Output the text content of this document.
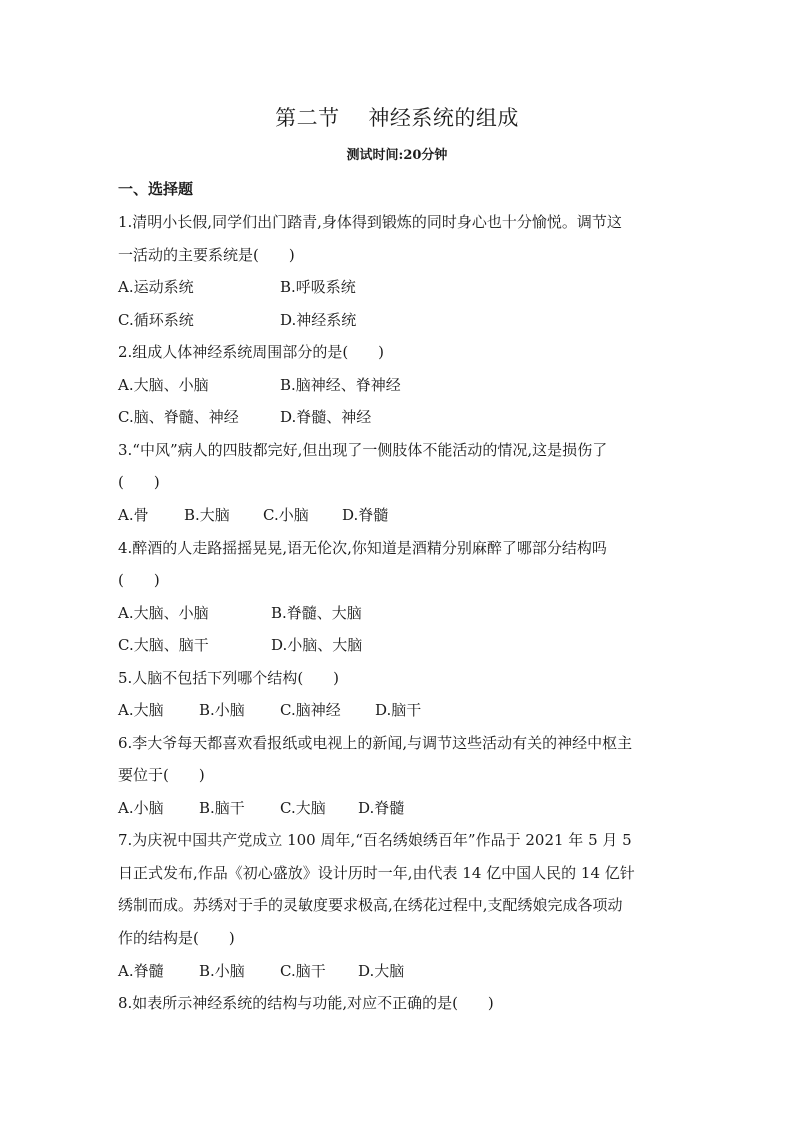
第二节    神经系统的组成
测试时间:20分钟
一、选择题
1.清明小长假,同学们出门踏青,身体得到锻炼的同时身心也十分愉悦。调节这
一活动的主要系统是(　　)
A.运动系统	B.呼吸系统
C.循环系统	D.神经系统
2.组成人体神经系统周围部分的是(　　)
A.大脑、小脑	B.脑神经、脊神经
C.脑、脊髓、神经	D.脊髓、神经
3.“中风”病人的四肢都完好,但出现了一侧肢体不能活动的情况,这是损伤了
(　　)
A.骨 B.大脑 C.小脑 D.脊髓
4.醉酒的人走路摇摇晃晃,语无伦次,你知道是酒精分别麻醉了哪部分结构吗
(　　)
A.大脑、小脑	B.脊髓、大脑
C.大脑、脑干	D.小脑、大脑
5.人脑不包括下列哪个结构(　　)
A.大脑 B.小脑 C.脑神经 D.脑干
6.李大爷每天都喜欢看报纸或电视上的新闻,与调节这些活动有关的神经中枢主
要位于(　　)
A.小脑 B.脑干 C.大脑 D.脊髓
7.为庆祝中国共产党成立 100 周年,“百名绣娘绣百年”作品于 2021 年 5 月 5
日正式发布,作品《初心盛放》设计历时一年,由代表 14 亿中国人民的 14 亿针
绣制而成。苏绣对于手的灵敏度要求极高,在绣花过程中,支配绣娘完成各项动
作的结构是(　　)
A.脊髓 B.小脑 C.脑干 D.大脑
8.如表所示神经系统的结构与功能,对应不正确的是(　　)
